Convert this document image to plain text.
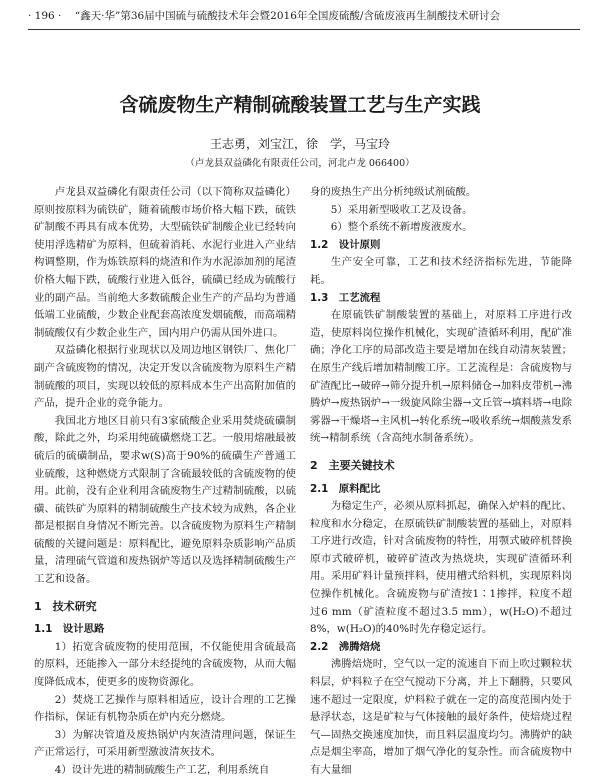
· 196 · “鑫天·华”第36届中国硫与硫酸技术年会暨2016年全国废硫酸/含硫废液再生制酸技术研讨会
含硫废物生产精制硫酸装置工艺与生产实践
王志勇，刘宝江，徐　学，马宝玲
（卢龙县双益磷化有限责任公司，河北卢龙 066400）

卢龙县双益磷化有限责任公司（以下简称双益磷化）原则按原料为硫铁矿，随着硫酸市场价格大幅下跌，硫铁矿制酸不再具有成本优势，大型硫铁矿制酸企业已经转向使用浮选精矿为原料，但硫着消耗、水泥行业进入产业结构调整期，作为炼铁原料的烧渣和作为水泥添加剂的尾渣价格大幅下跌，硫酸行业进入低谷，硫磺已经成为硫酸行业的副产品。当前绝大多数硫酸企业生产的产品均为普通低端工业硫酸，少数企业配套高浓度发烟硫酸，而高端精制硫酸仅有少数企业生产，国内用户仍需从国外进口。

双益磷化根据行业现状以及周边地区钢铁厂、焦化厂副产含硫废物的情况，决定开发以含硫废物为原料生产精制硫酸的项目，实现以较低的原料成本生产出高附加值的产品，提升企业的竞争能力。

我国北方地区目前只有3家硫酸企业采用焚烧硫磺制酸，除此之外，均采用纯硫磺燃烧工艺。一般用熔融最被硫后的硫磺制品，要求w(S)高于90%的硫磺生产普通工业硫酸，这种燃烧方式限制了含硫最较低的含硫废物的使用。此前，没有企业利用含硫废物生产过精制硫酸，以硫磺、硫铁矿为原料的精制硫酸生产技术较为成熟，各企业都是根据自身情况不断完善。以含硫废物为原料生产精制硫酸的关键问题是：原料配比，避免原料杂质影响产品质量，清理硫气管道和废热锅炉等适以及选择精制硫酸生产工艺和设备。

1　技术研究
1.1　设计思路

1）拓宽含硫废物的使用范围，不仅能使用含硫最高的原料，还能掺入一部分未经提纯的含硫废物，从而大幅度降低成本，使更多的废物资源化。

2）焚烧工艺操作与原料相适应，设计合理的工艺操作指标，保证有机物杂质在炉内充分燃烧。

3）为解决管道及废热锅炉内灰渣清理问题，保证生产正常运行，可采用新型激波清灰技术。

4）设计先进的精制硫酸生产工艺，利用系统自

身的废热生产出分析纯级试剂硫酸。

5）采用新型吸收工艺及设备。

6）整个系统不新增废液废水。

1.2　设计原则

生产安全可靠，工艺和技术经济指标先进，节能降耗。

1.3　工艺流程

在原硫铁矿制酸装置的基础上，对原料工序进行改造，使原料岗位操作机械化，实现矿渣循环利用，配矿准确；净化工序的局部改造主要是增加在线自动清灰装置；在原生产线后增加精制酸工序。工艺流程是：含硫废物与矿渣配比→破碎→筛分提升机→原料储仓→加料皮带机→沸腾炉→废热锅炉→一级旋风除尘器→文丘管→填料塔→电除雾器→干燥塔→主风机→转化系统→吸收系统→烟酸蒸发系统→精制系统（含高纯水制备系统）。

2　主要关键技术
2.1　原料配比

为稳定生产，必须从原料抓起，确保入炉料的配比、粒度和水分稳定，在原硫铁矿制酸装置的基础上，对原料工序进行改造，针对含硫废物的特性，用颚式破碎机替换原市式破碎机，破碎矿渣改为热烧块，实现矿渣循环利用。采用矿料计量预拌料，使用槽式给料机，实现原料岗位操作机械化。含硫废物与矿渣按1∶1掺拌，粒度不超过6 mm（矿渣粒度不超过3.5 mm），w(H₂O)不超过8%，w(H₂O)的40%时先存稳定运行。

2.2　沸腾焙烧

沸腾焙烧时，空气以一定的流速自下而上吹过颗粒状料层，炉料粒子在空气搅动下分离，并上下翻腾，只要风速不超过一定限度，炉料粒子就在一定的高度范围内处于悬浮状态，这是矿粒与气体接触的最好条件，使焙烧过程气—固热交换速度加快，而且料层温度均匀。沸腾炉的缺点是烟尘率高，增加了烟气净化的复杂性。而含硫废物中有大量细
